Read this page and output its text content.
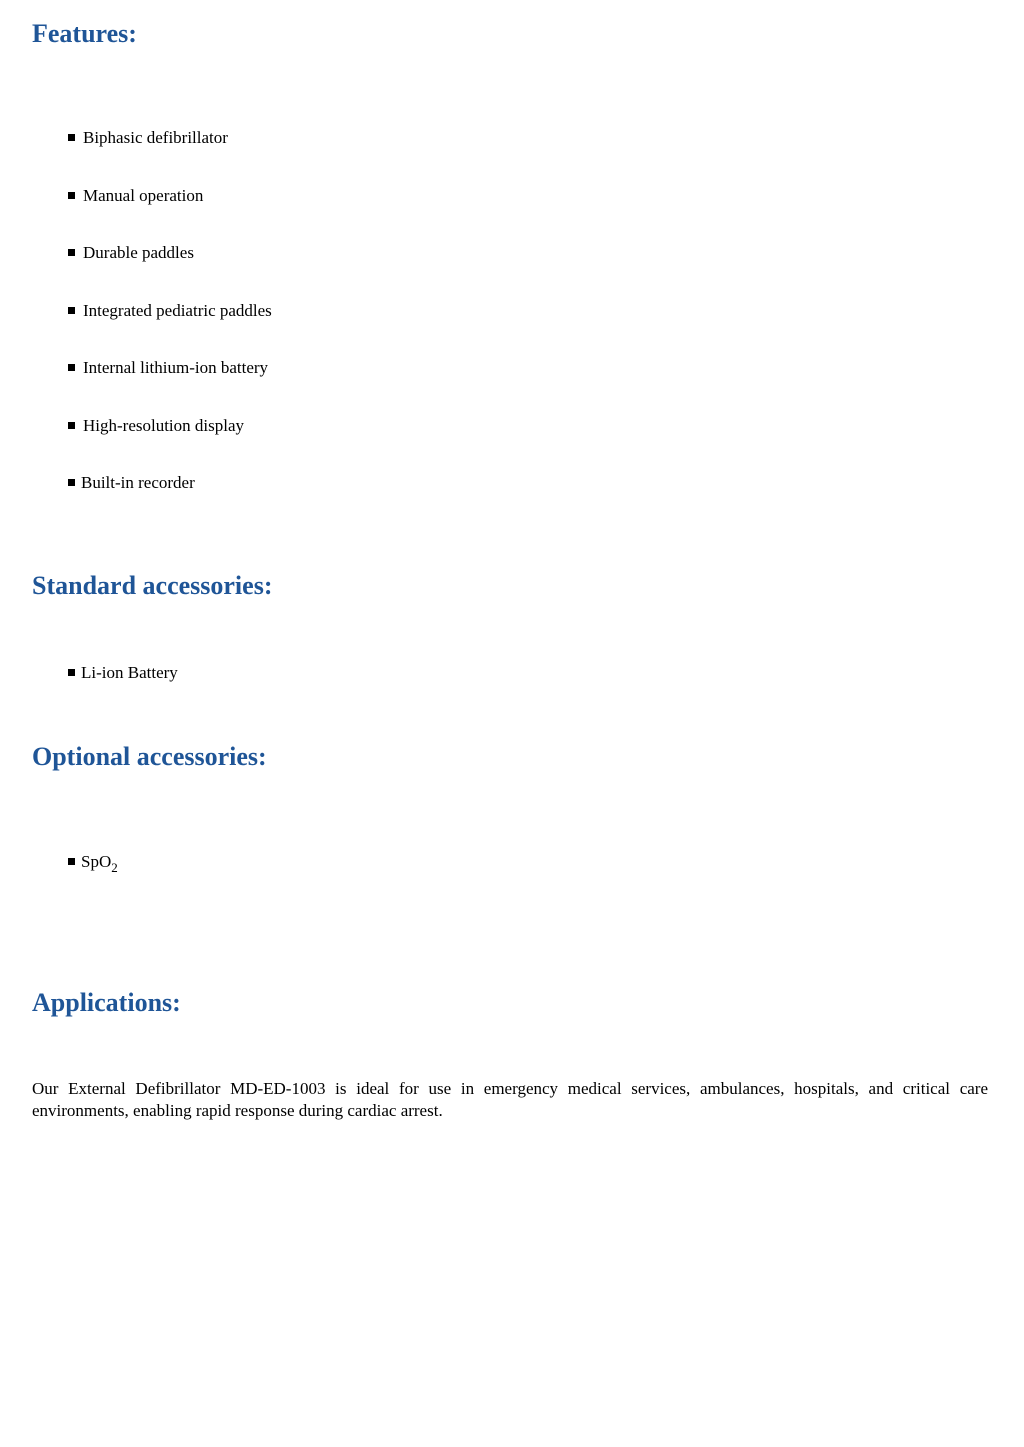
Features:
Biphasic defibrillator
Manual operation
Durable paddles
Integrated pediatric paddles
Internal lithium-ion battery
High-resolution display
Built-in recorder
Standard accessories:
Li-ion Battery
Optional accessories:
SpO$_2$
Applications:

Our External Defibrillator MD-ED-1003 is ideal for use in emergency medical services, ambulances, hospitals, and critical care environments, enabling rapid response during cardiac arrest.
